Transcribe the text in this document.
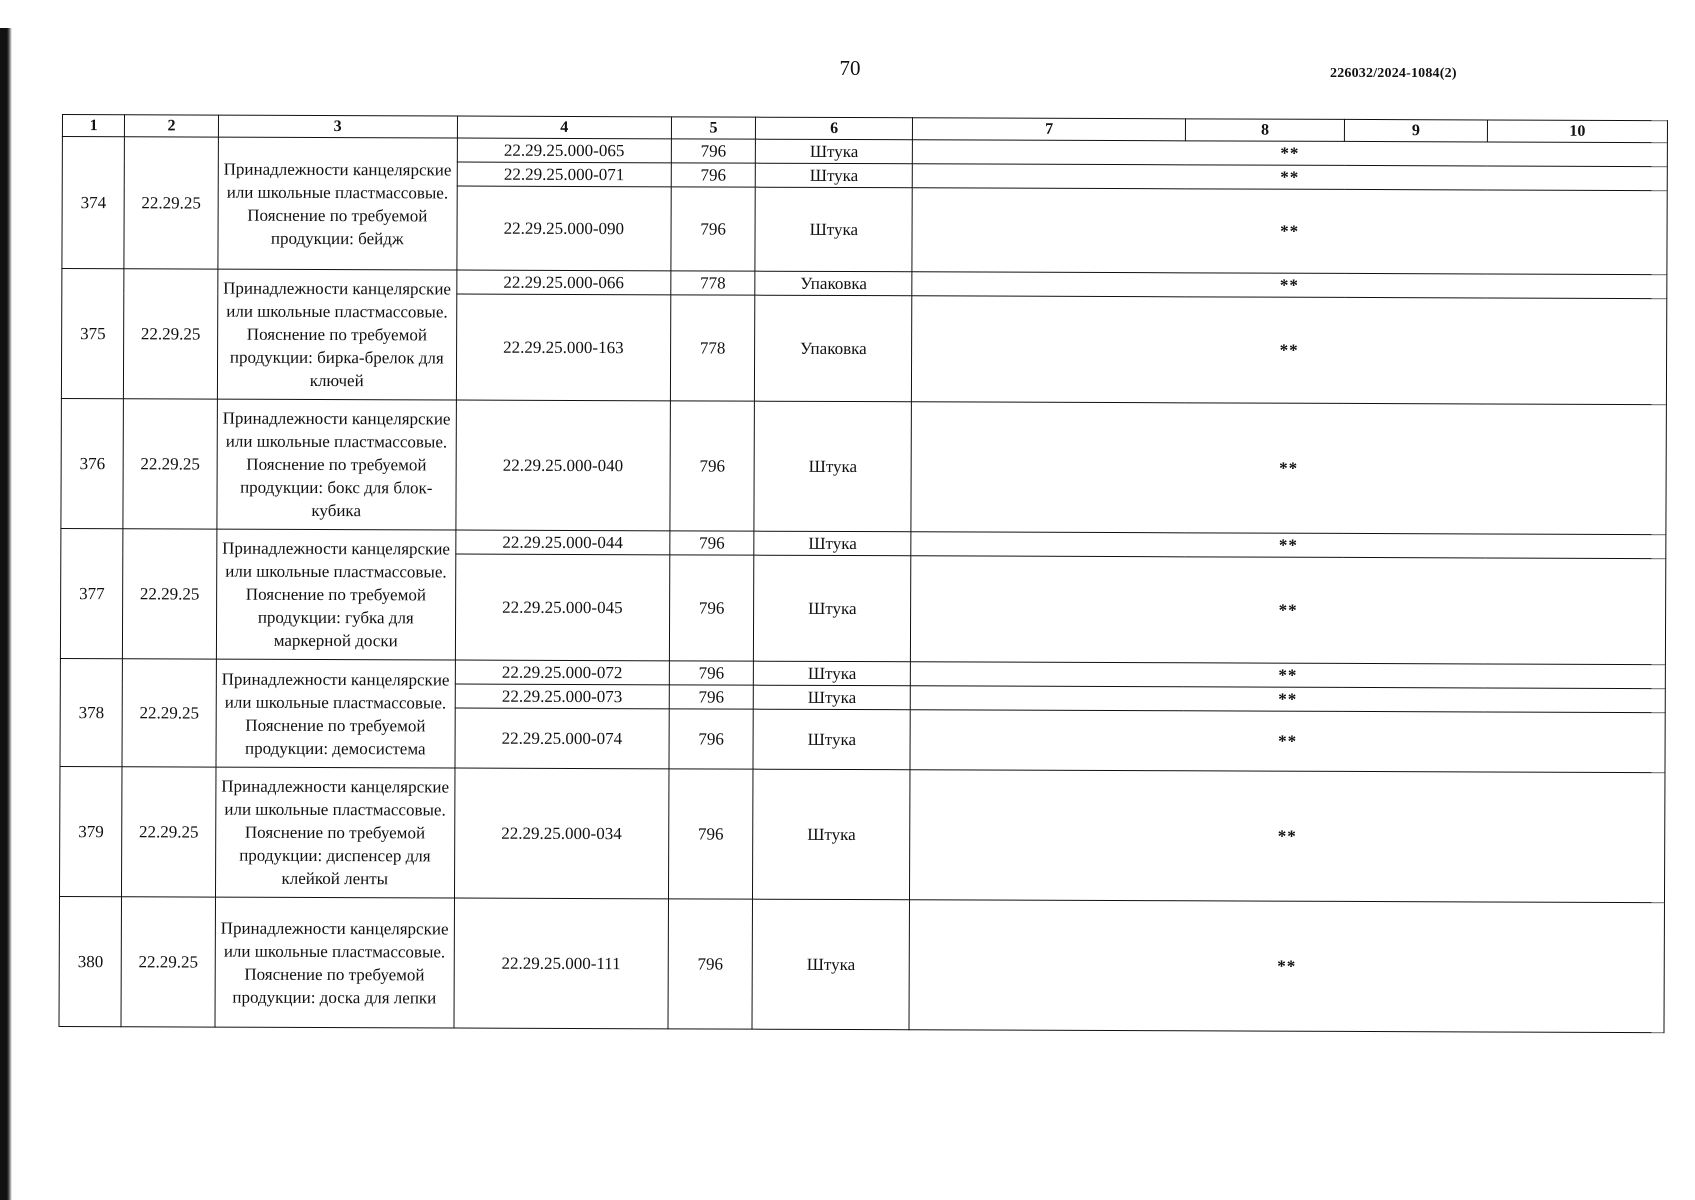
70	226032/2024-1084(2)
1	2	3	4	5	6	7	8	9	10
374	22.29.25	Принадлежности канцелярские или школьные пластмассовые. Пояснение по требуемой продукции: бейдж	22.29.25.000-065	796	Штука	**			
			22.29.25.000-071	796	Штука	**			
			22.29.25.000-090	796	Штука	**			
375	22.29.25	Принадлежности канцелярские или школьные пластмассовые. Пояснение по требуемой продукции: бирка-брелок для ключей	22.29.25.000-066	778	Упаковка	**			
			22.29.25.000-163	778	Упаковка	**			
376	22.29.25	Принадлежности канцелярские или школьные пластмассовые. Пояснение по требуемой продукции: бокс для блок-кубика	22.29.25.000-040	796	Штука	**			
377	22.29.25	Принадлежности канцелярские или школьные пластмассовые. Пояснение по требуемой продукции: губка для маркерной доски	22.29.25.000-044	796	Штука	**			
			22.29.25.000-045	796	Штука	**			
378	22.29.25	Принадлежности канцелярские или школьные пластмассовые. Пояснение по требуемой продукции: демосистема	22.29.25.000-072	796	Штука	**			
			22.29.25.000-073	796	Штука	**			
			22.29.25.000-074	796	Штука	**			
379	22.29.25	Принадлежности канцелярские или школьные пластмассовые. Пояснение по требуемой продукции: диспенсер для клейкой ленты	22.29.25.000-034	796	Штука	**			
380	22.29.25	Принадлежности канцелярские или школьные пластмассовые. Пояснение по требуемой продукции: доска для лепки	22.29.25.000-111	796	Штука	**			
